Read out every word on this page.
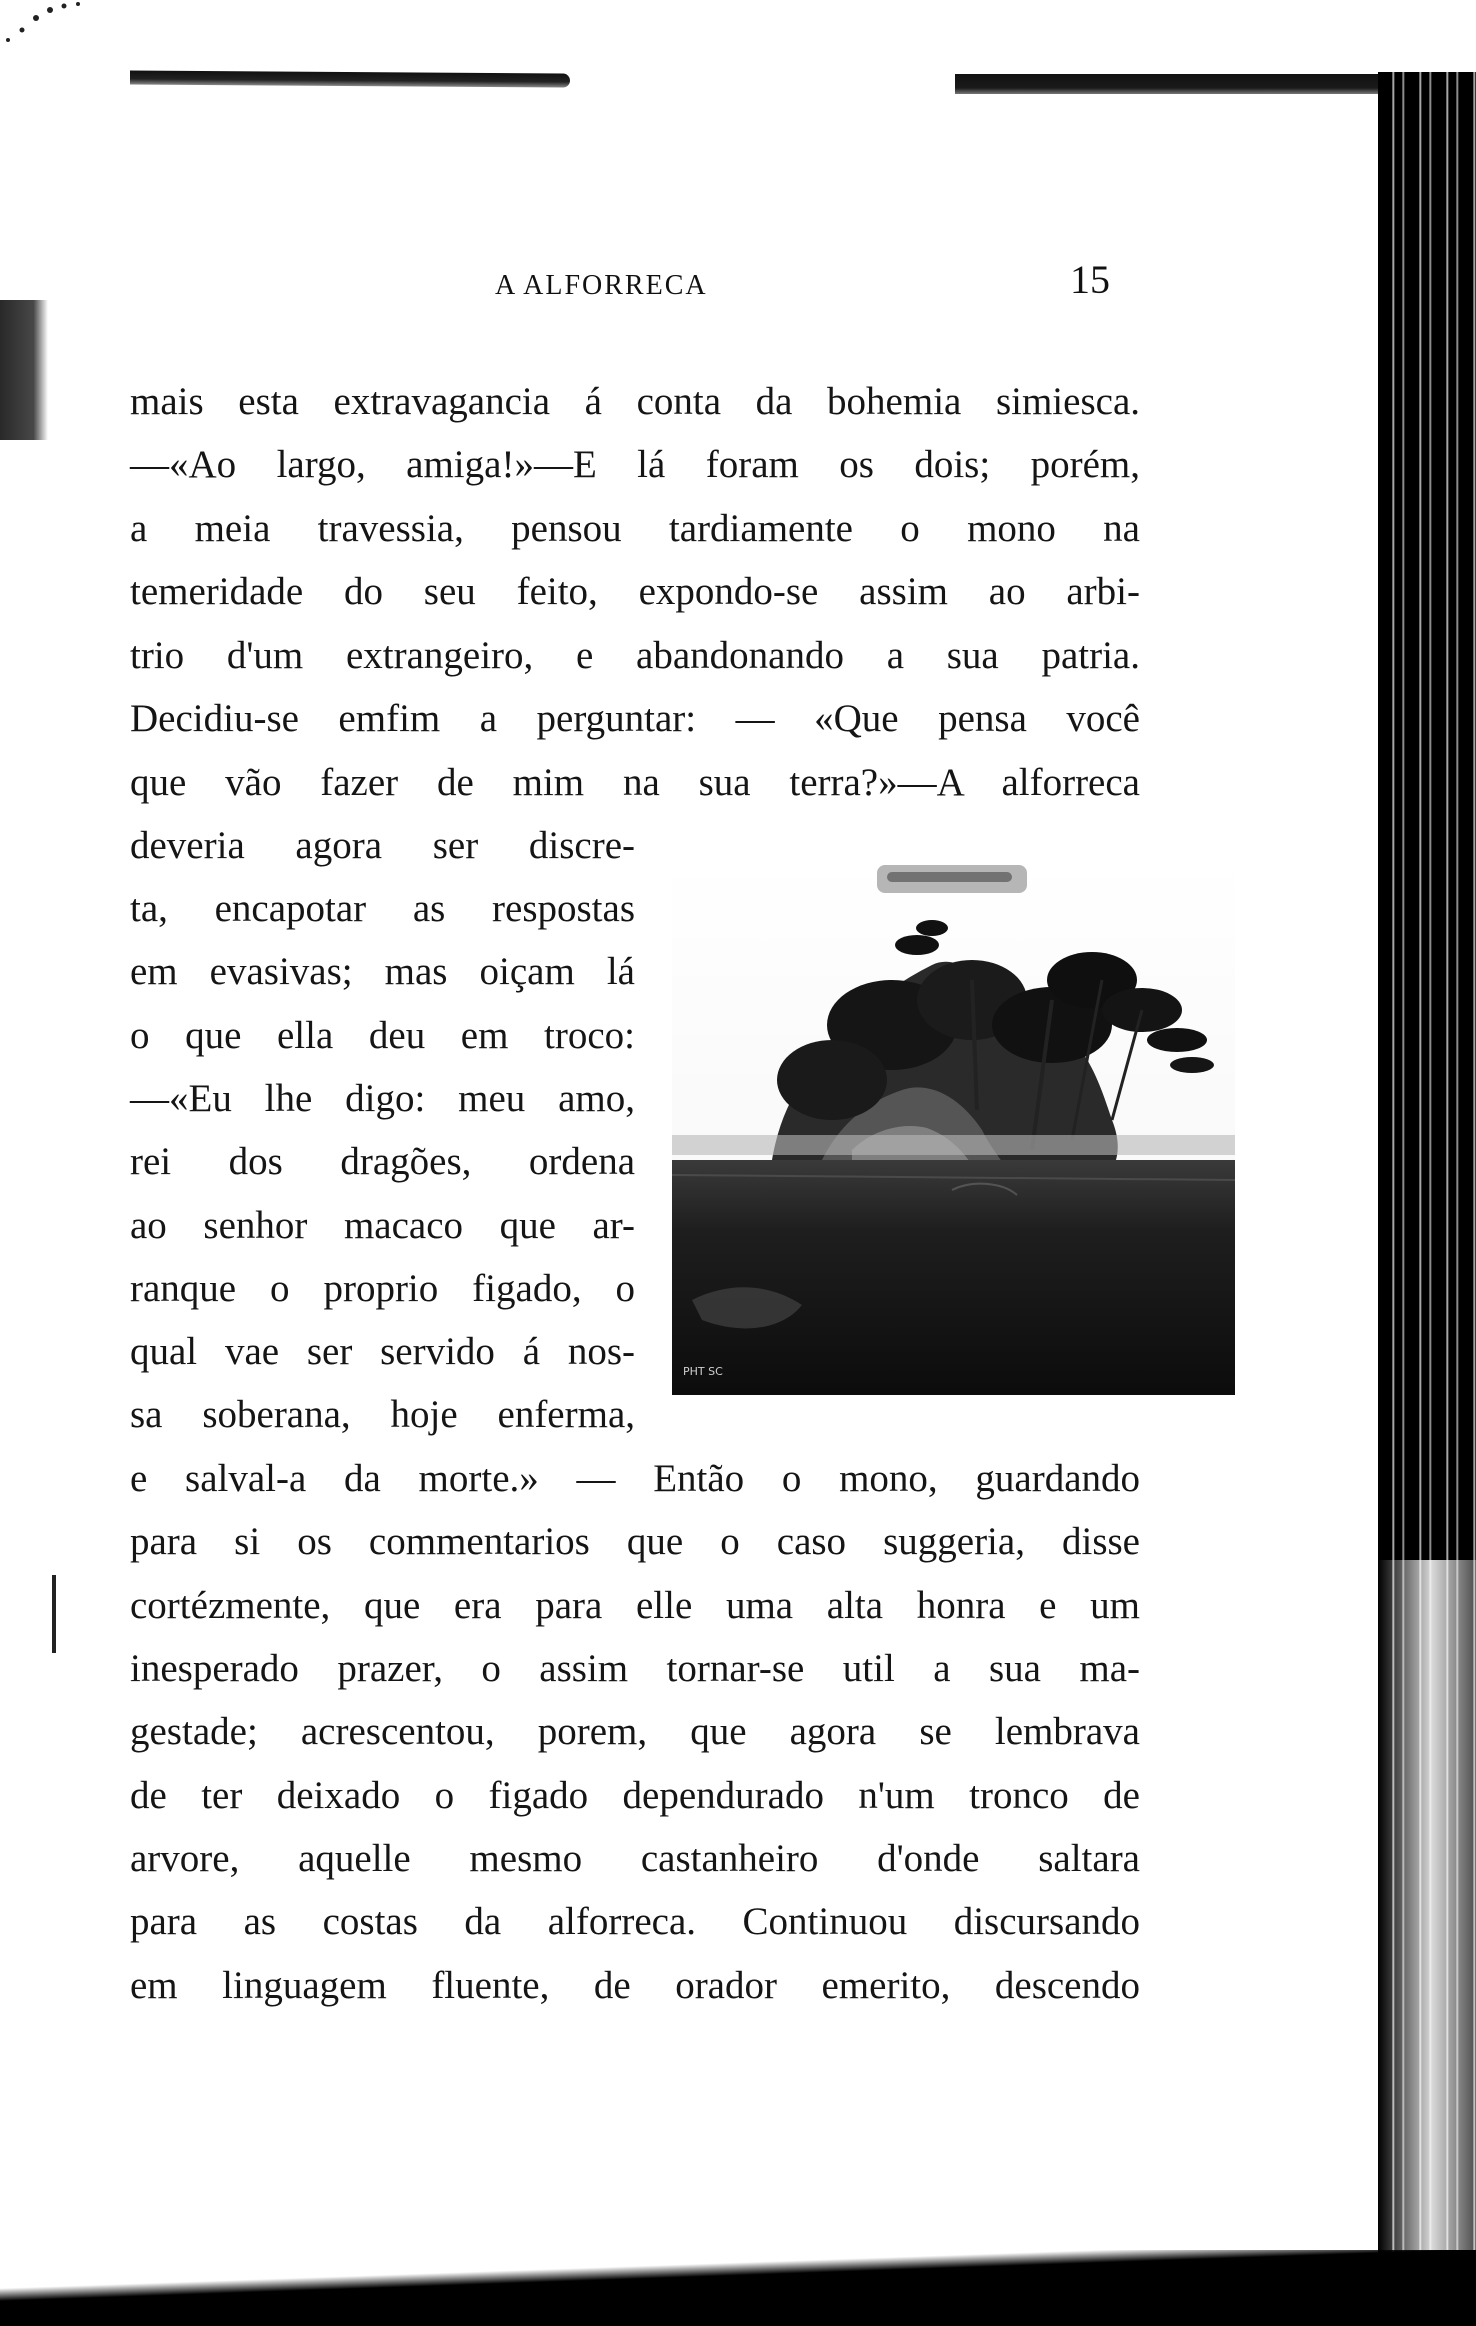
A ALFORRECA	15
mais esta extravagancia á conta da bohemia simiesca.
—«Ao largo, amiga!»—E lá foram os dois; porém,
a meia travessia, pensou tardiamente o mono na
temeridade do seu feito, expondo-se assim ao arbi-
trio d'um extrangeiro, e abandonando a sua patria.
Decidiu-se emfim a perguntar: — «Que pensa você
que vão fazer de mim na sua terra?»—A alforreca
deveria agora ser discre-
ta, encapotar as respostas
em evasivas; mas oiçam lá
o que ella deu em troco:
—«Eu lhe digo: meu amo,
rei dos dragões, ordena
ao senhor macaco que ar-
ranque o proprio figado, o
qual vae ser servido á nos-
sa soberana, hoje enferma,
e salval-a da morte.» — Então o mono, guardando
para si os commentarios que o caso suggeria, disse
cortézmente, que era para elle uma alta honra e um
inesperado prazer, o assim tornar-se util a sua ma-
gestade; acrescentou, porem, que agora se lembrava
de ter deixado o figado dependurado n'um tronco de
arvore, aquelle mesmo castanheiro d'onde saltara
para as costas da alforreca. Continuou discursando
em linguagem fluente, de orador emerito, descendo
PHT SC
